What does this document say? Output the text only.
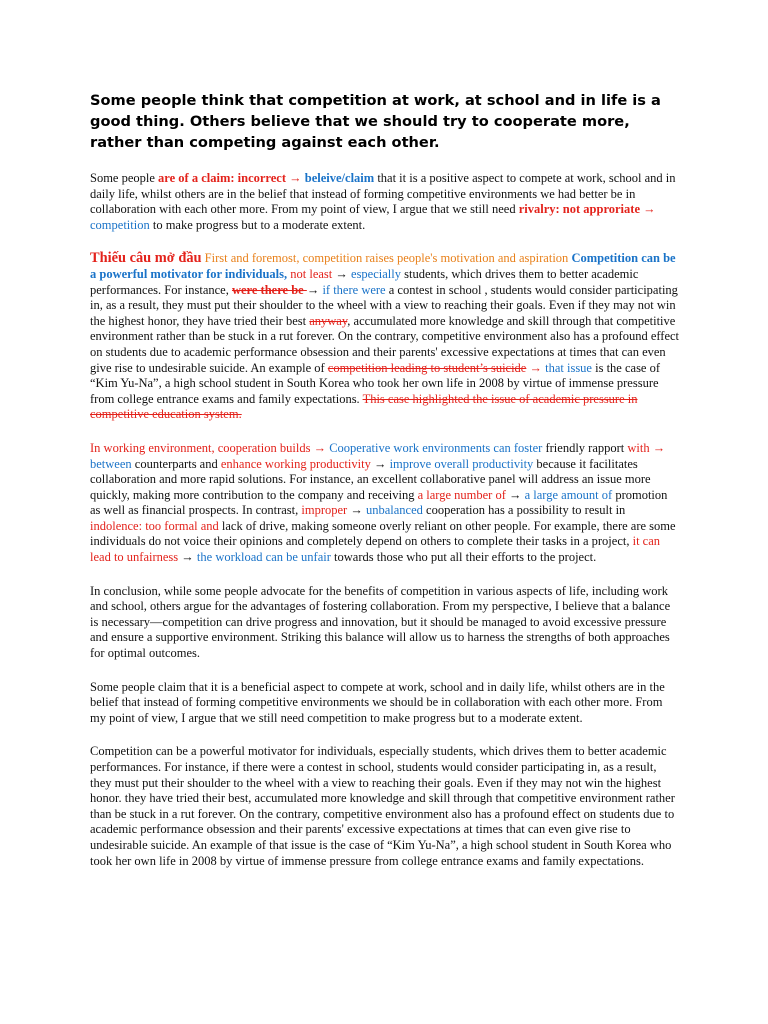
Some people think that competition at work, at school and in life is a good thing. Others believe that we should try to cooperate more, rather than competing against each other.

Some people are of a claim: incorrect → beleive/claim that it is a positive aspect to compete at work, school and in daily life, whilst others are in the belief that instead of forming competitive environments we had better be in collaboration with each other more. From my point of view, I argue that we still need rivalry: not approriate → competition to make progress but to a moderate extent.

Thiếu câu mở đầu First and foremost, competition raises people's motivation and aspiration Competition can be a powerful motivator for individuals, not least → especially students, which drives them to better academic performances. For instance, were there be → if there were a contest in school , students would consider participating in, as a result, they must put their shoulder to the wheel with a view to reaching their goals. Even if they may not win the highest honor, they have tried their best anyway, accumulated more knowledge and skill through that competitive environment rather than be stuck in a rut forever. On the contrary, competitive environment also has a profound effect on students due to academic performance obsession and their parents' excessive expectations at times that can even give rise to undesirable suicide. An example of competition leading to student’s suicide → that issue is the case of “Kim Yu-Na”, a high school student in South Korea who took her own life in 2008 by virtue of immense pressure from college entrance exams and family expectations. This case highlighted the issue of academic pressure in competitive education system.

In working environment, cooperation builds → Cooperative work environments can foster friendly rapport with → between counterparts and enhance working productivity → improve overall productivity because it facilitates collaboration and more rapid solutions. For instance, an excellent collaborative panel will address an issue more quickly, making more contribution to the company and receiving a large number of → a large amount of promotion as well as financial prospects. In contrast, improper → unbalanced cooperation has a possibility to result in indolence: too formal and lack of drive, making someone overly reliant on other people. For example, there are some individuals do not voice their opinions and completely depend on others to complete their tasks in a project, it can lead to unfairness → the workload can be unfair towards those who put all their efforts to the project.

In conclusion, while some people advocate for the benefits of competition in various aspects of life, including work and school, others argue for the advantages of fostering collaboration. From my perspective, I believe that a balance is necessary—competition can drive progress and innovation, but it should be managed to avoid excessive pressure and ensure a supportive environment. Striking this balance will allow us to harness the strengths of both approaches for optimal outcomes.

Some people claim that it is a beneficial aspect to compete at work, school and in daily life, whilst others are in the belief that instead of forming competitive environments we should be in collaboration with each other more. From my point of view, I argue that we still need competition to make progress but to a moderate extent.

Competition can be a powerful motivator for individuals, especially students, which drives them to better academic performances. For instance, if there were a contest in school, students would consider participating in, as a result, they must put their shoulder to the wheel with a view to reaching their goals. Even if they may not win the highest honor. they have tried their best, accumulated more knowledge and skill through that competitive environment rather than be stuck in a rut forever. On the contrary, competitive environment also has a profound effect on students due to academic performance obsession and their parents' excessive expectations at times that can even give rise to undesirable suicide. An example of that issue is the case of “Kim Yu-Na”, a high school student in South Korea who took her own life in 2008 by virtue of immense pressure from college entrance exams and family expectations.
